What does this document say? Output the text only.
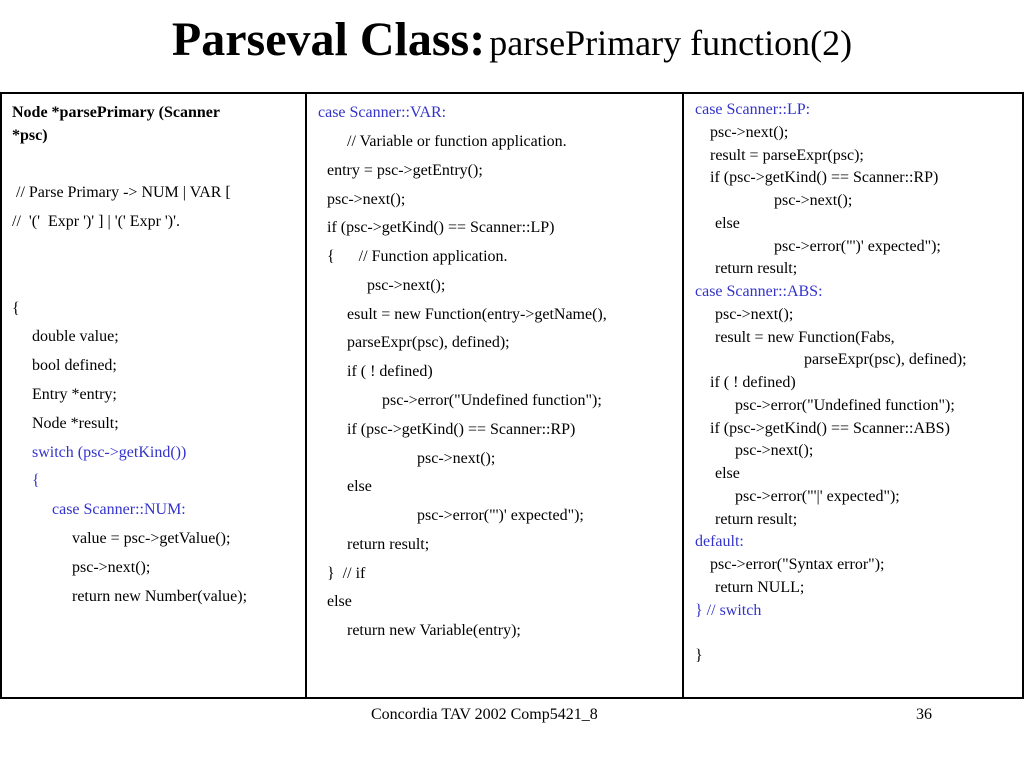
Parseval Class: parsePrimary function(2)
Node *parsePrimary (Scanner
*psc)
// Parse Primary -> NUM | VAR [
//  '('  Expr ')' ] | '(' Expr ')'.
{
double value;
bool defined;
Entry *entry;
Node *result;
switch (psc->getKind())
{
case Scanner::NUM:
value = psc->getValue();
psc->next();
return new Number(value);
case Scanner::VAR:
// Variable or function application.
entry = psc->getEntry();
psc->next();
if (psc->getKind() == Scanner::LP)
{      // Function application.
psc->next();
esult = new Function(entry->getName(),
parseExpr(psc), defined);
if ( ! defined)
psc->error("Undefined function");
if (psc->getKind() == Scanner::RP)
psc->next();
else
psc->error("')' expected");
return result;
}  // if
else
return new Variable(entry);
case Scanner::LP:
psc->next();
result = parseExpr(psc);
if (psc->getKind() == Scanner::RP)
psc->next();
else
psc->error("')' expected");
return result;
case Scanner::ABS:
psc->next();
result = new Function(Fabs,
parseExpr(psc), defined);
if ( ! defined)
psc->error("Undefined function");
if (psc->getKind() == Scanner::ABS)
psc->next();
else
psc->error("'|' expected");
return result;
default:
psc->error("Syntax error");
return NULL;
} // switch
}
Concordia TAV 2002 Comp5421_8	36
